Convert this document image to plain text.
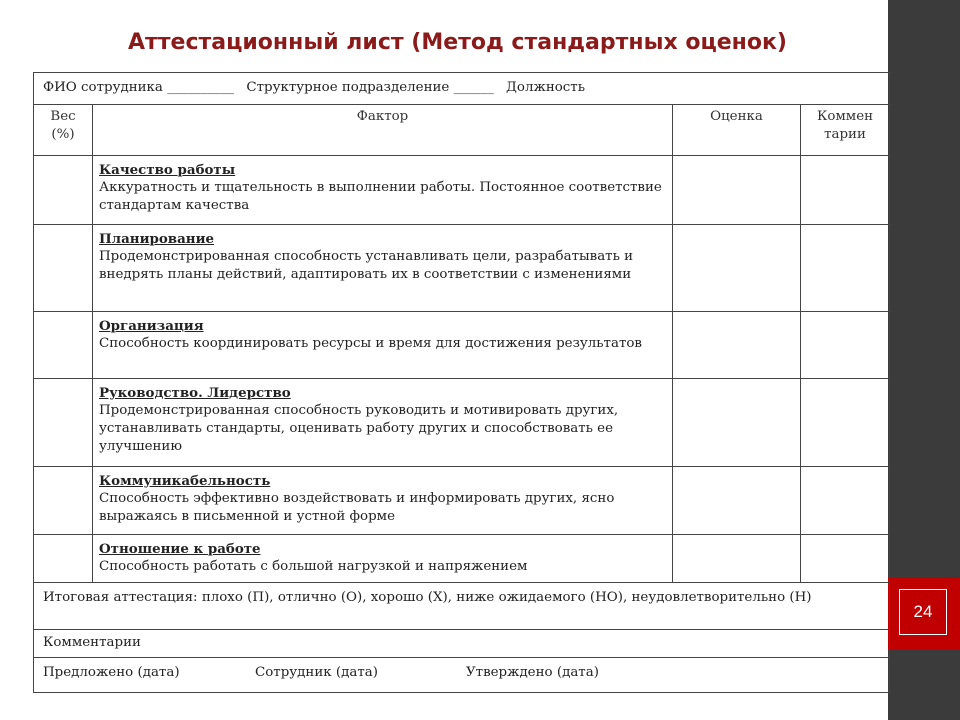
24
Аттестационный лист (Метод стандартных оценок)
ФИО сотрудника __________ Структурное подразделение ______ Должность			
Вес (%)	Фактор	Оценка	Коммен тарии

	Качество работы
Аккуратность и тщательность в выполнении работы. Постоянное соответствие стандартам качества		

	Планирование
Продемонстрированная способность устанавливать цели, разрабатывать и внедрять планы действий, адаптировать их в соответствии с изменениями		

	Организация
Способность координировать ресурсы и время для достижения результатов		

	Руководство. Лидерство
Продемонстрированная способность руководить и мотивировать других, устанавливать стандарты, оценивать работу других и способствовать ее улучшению		

	Коммуникабельность
Способность эффективно воздействовать и информировать других, ясно выражаясь в письменной и устной форме		

	Отношение к работе
Способность работать с большой нагрузкой и напряжением		

Итоговая аттестация: плохо (П), отлично (О), хорошо (Х), ниже ожидаемого (НО), неудовлетворительно (Н)			
Комментарии			
Предложено (дата) Сотрудник (дата) Утверждено (дата)			
